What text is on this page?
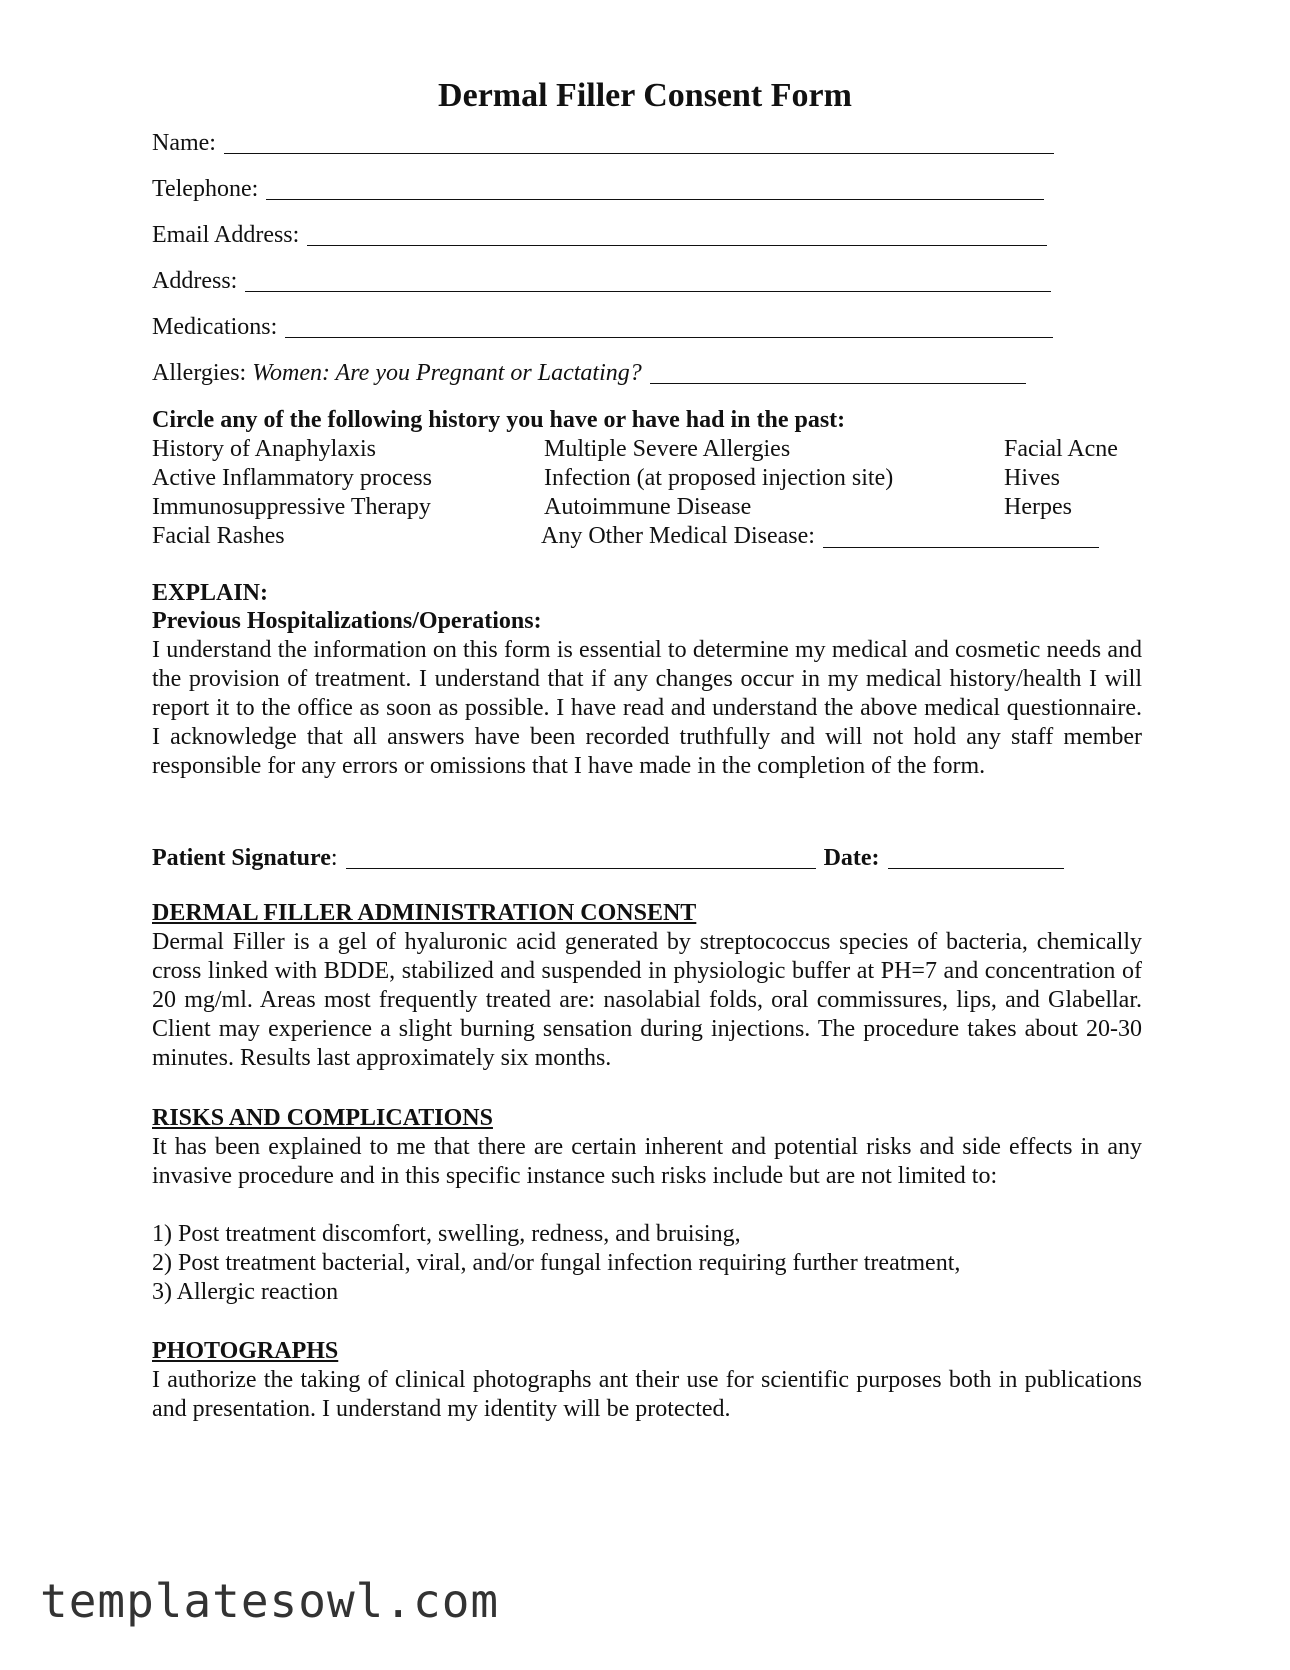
Dermal Filler Consent Form
Name:
Telephone:
Email Address:
Address:
Medications:
Allergies: Women: Are you Pregnant or Lactating?
Circle any of the following history you have or have had in the past:
History of Anaphylaxis
Active Inflammatory process
Immunosuppressive Therapy
Facial Rashes
Multiple Severe Allergies
Infection (at proposed injection site)
Autoimmune Disease
Any Other Medical Disease:
Facial Acne
Hives
Herpes
EXPLAIN:
Previous Hospitalizations/Operations:

I understand the information on this form is essential to determine my medical and cosmetic needs and the provision of treatment. I understand that if any changes occur in my medical history/health I will report it to the office as soon as possible. I have read and understand the above medical questionnaire. I acknowledge that all answers have been recorded truthfully and will not hold any staff member responsible for any errors or omissions that I have made in the completion of the form.

Patient Signature :	Date:
DERMAL FILLER ADMINISTRATION CONSENT

Dermal Filler is a gel of hyaluronic acid generated by streptococcus species of bacteria, chemically cross linked with BDDE, stabilized and suspended in physiologic buffer at PH=7 and concentration of 20 mg/ml. Areas most frequently treated are: nasolabial folds, oral commissures, lips, and Glabellar. Client may experience a slight burning sensation during injections. The procedure takes about 20-30 minutes. Results last approximately six months.

RISKS AND COMPLICATIONS

It has been explained to me that there are certain inherent and potential risks and side effects in any invasive procedure and in this specific instance such risks include but are not limited to:

1) Post treatment discomfort, swelling, redness, and bruising,
2) Post treatment bacterial, viral, and/or fungal infection requiring further treatment,
3) Allergic reaction
PHOTOGRAPHS

I authorize the taking of clinical photographs ant their use for scientific purposes both in publications and presentation. I understand my identity will be protected.

templatesowl.com
